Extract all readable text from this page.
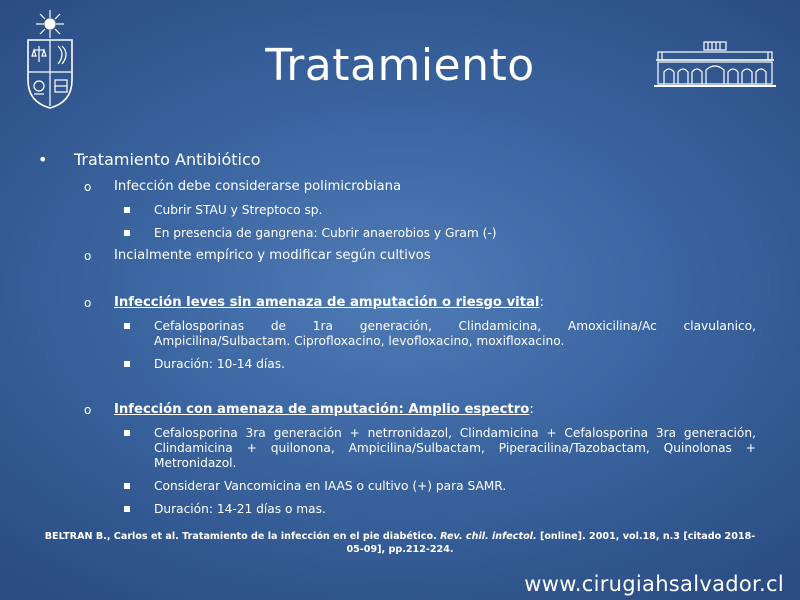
Tratamiento
• Tratamiento Antibiótico
o Infección debe considerarse polimicrobiana
Cubrir STAU y Streptoco sp.
En presencia de gangrena: Cubrir anaerobios y Gram (-)
o Incialmente empírico y modificar según cultivos
o Infección leves sin amenaza de amputación o riesgo vital:
Cefalosporinas de 1ra generación, Clindamicina, Amoxicilina/Ac clavulanico, Ampicilina/Sulbactam. Ciprofloxacino, levofloxacino, moxifloxacino.
Duración: 10-14 días.
o Infección con amenaza de amputación: Amplio espectro:
Cefalosporina 3ra generación + netrronidazol, Clindamicina + Cefalosporina 3ra generación, Clindamicina + quilonona, Ampicilina/Sulbactam, Piperacilina/Tazobactam, Quinolonas + Metronidazol.
Considerar Vancomicina en IAAS o cultivo (+) para SAMR.
Duración: 14-21 días o mas.
BELTRAN B., Carlos et al. Tratamiento de la infección en el pie diabético. Rev. chil. infectol. [online]. 2001, vol.18, n.3 [citado 2018-05-09], pp.212-224.
www.cirugiahsalvador.cl
